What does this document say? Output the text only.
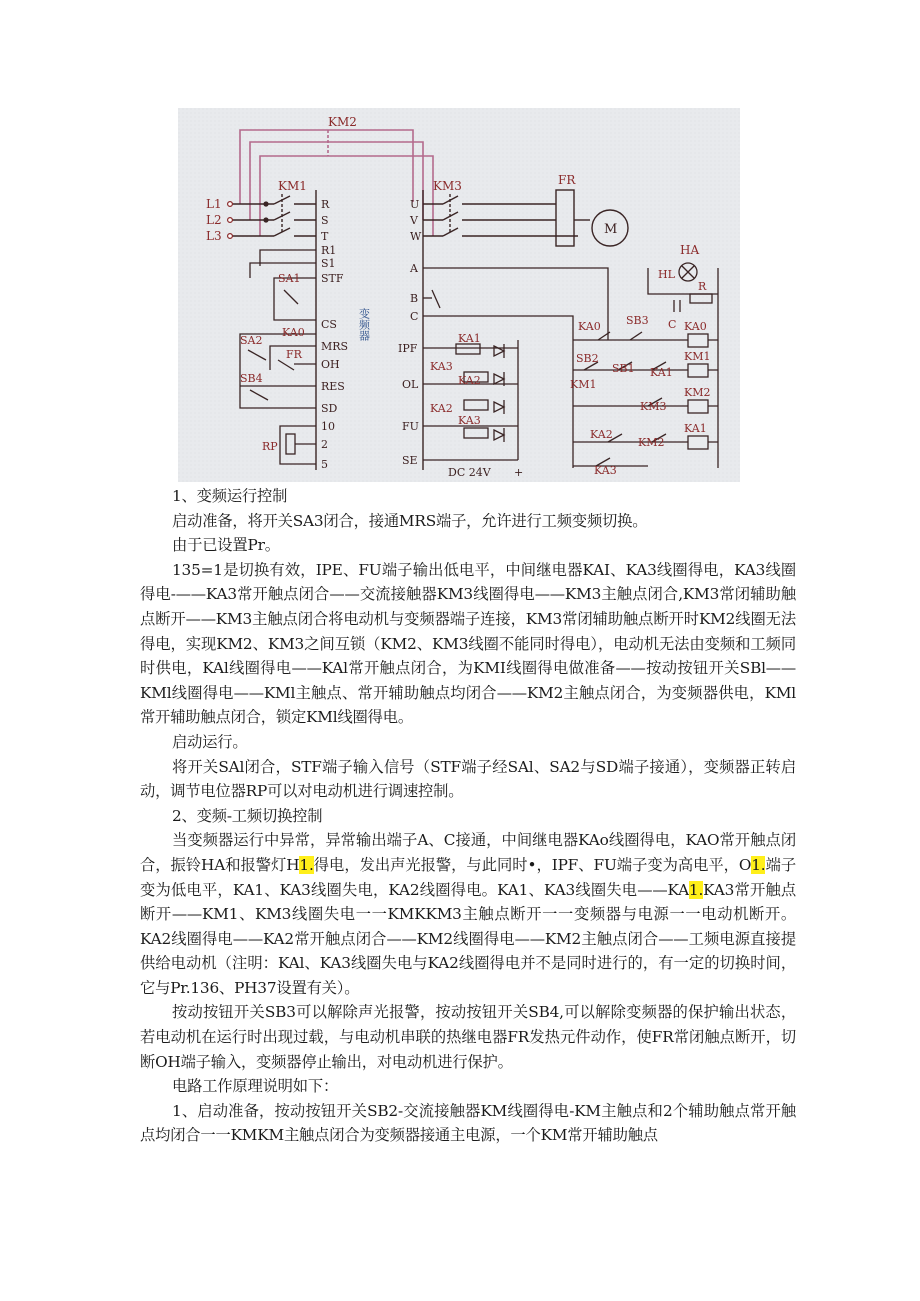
KM2
KM1	KM3
L1
L2
L3
R
S
T
R1
S1
STF
CS
MRS
OH
RES
SD
10
2
5
U
V
W
A
B
C
IPF
OL
FU
SE
变频器
SA1
SA2
KA0
FR
SB4
RP
KA1
KA3
KA2
KA2
KA3
DC 24V +
FR
M
HA
HL
C
R
SB3
KA0
SB2
SB1
KM1
KA1
KM3
KA2
KM2
KA3
KA0
KM1
KM2
KA1

1、变频运行控制

启动准备，将开关SA3闭合，接通MRS端子，允许进行工频变频切换。

由于已设置Pr。

135=1是切换有效，IPE、FU端子输出低电平，中间继电器KAI、KA3线圈得电，KA3线圈得电-——KA3常开触点闭合——交流接触器KM3线圈得电——KM3主触点闭合,KM3常闭辅助触点断开——KM3主触点闭合将电动机与变频器端子连接，KM3常闭辅助触点断开时KM2线圈无法得电，实现KM2、KM3之间互锁（KM2、KM3线圈不能同时得电），电动机无法由变频和工频同时供电，KAl线圈得电——KAl常开触点闭合，为KMI线圈得电做准备——按动按钮开关SBl——KMl线圈得电——KMl主触点、常开辅助触点均闭合——KM2主触点闭合，为变频器供电，KMl常开辅助触点闭合，锁定KMl线圈得电。

启动运行。

将开关SAl闭合，STF端子输入信号（STF端子经SAl、SA2与SD端子接通），变频器正转启动，调节电位器RP可以对电动机进行调速控制。

2、变频-工频切换控制

当变频器运行中异常，异常输出端子A、C接通，中间继电器KAo线圈得电，KAO常开触点闭合，振铃HA和报警灯H1.得电，发出声光报警，与此同时•，IPF、FU端子变为高电平，O1.端子变为低电平，KA1、KA3线圈失电，KA2线圈得电。KA1、KA3线圈失电——KA1.KA3常开触点断开——KM1、KM3线圈失电一一KMKKM3主触点断开一一变频器与电源一一电动机断开。KA2线圈得电——KA2常开触点闭合——KM2线圈得电——KM2主触点闭合——工频电源直接提供给电动机（注明：KAl、KA3线圈失电与KA2线圈得电并不是同时进行的，有一定的切换时间，它与Pr.136、PH37设置有关）。

按动按钮开关SB3可以解除声光报警，按动按钮开关SB4,可以解除变频器的保护输出状态，若电动机在运行时出现过载，与电动机串联的热继电器FR发热元件动作，使FR常闭触点断开，切断OH端子输入，变频器停止输出，对电动机进行保护。

电路工作原理说明如下：

1、启动准备，按动按钮开关SB2-交流接触器KM线圈得电-KM主触点和2个辅助触点常开触点均闭合一一KMKM主触点闭合为变频器接通主电源，一个KM常开辅助触点
